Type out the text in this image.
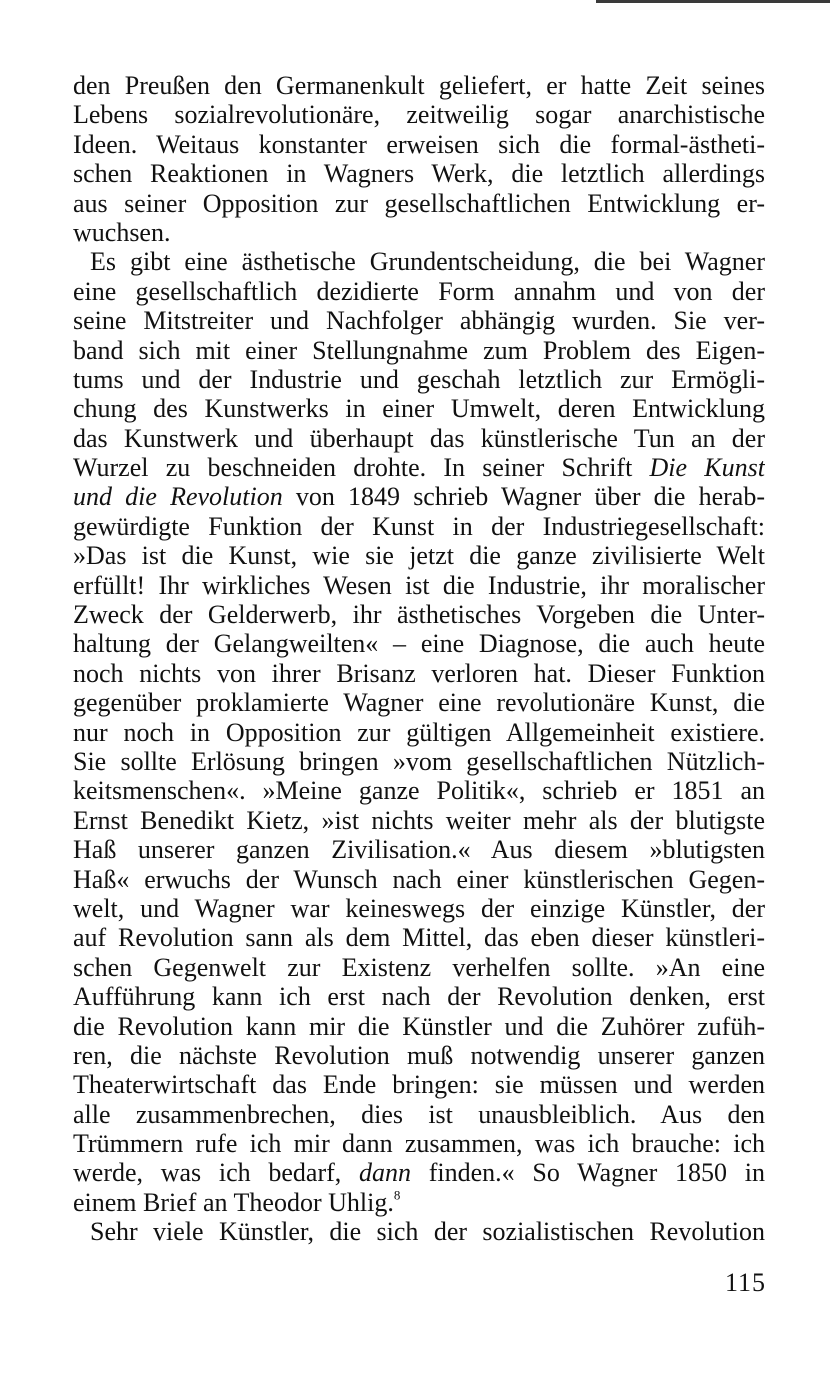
den Preußen den Germanenkult geliefert, er hatte Zeit seines
Lebens sozialrevolutionäre, zeitweilig sogar anarchistische
Ideen. Weitaus konstanter erweisen sich die formal-ästheti-
schen Reaktionen in Wagners Werk, die letztlich allerdings
aus seiner Opposition zur gesellschaftlichen Entwicklung er-
wuchsen.
Es gibt eine ästhetische Grundentscheidung, die bei Wagner
eine gesellschaftlich dezidierte Form annahm und von der
seine Mitstreiter und Nachfolger abhängig wurden. Sie ver-
band sich mit einer Stellungnahme zum Problem des Eigen-
tums und der Industrie und geschah letztlich zur Ermögli-
chung des Kunstwerks in einer Umwelt, deren Entwicklung
das Kunstwerk und überhaupt das künstlerische Tun an der
Wurzel zu beschneiden drohte. In seiner Schrift Die Kunst
und die Revolution von 1849 schrieb Wagner über die herab-
gewürdigte Funktion der Kunst in der Industriegesellschaft:
»Das ist die Kunst, wie sie jetzt die ganze zivilisierte Welt
erfüllt! Ihr wirkliches Wesen ist die Industrie, ihr moralischer
Zweck der Gelderwerb, ihr ästhetisches Vorgeben die Unter-
haltung der Gelangweilten« – eine Diagnose, die auch heute
noch nichts von ihrer Brisanz verloren hat. Dieser Funktion
gegenüber proklamierte Wagner eine revolutionäre Kunst, die
nur noch in Opposition zur gültigen Allgemeinheit existiere.
Sie sollte Erlösung bringen »vom gesellschaftlichen Nützlich-
keitsmenschen«. »Meine ganze Politik«, schrieb er 1851 an
Ernst Benedikt Kietz, »ist nichts weiter mehr als der blutigste
Haß unserer ganzen Zivilisation.« Aus diesem »blutigsten
Haß« erwuchs der Wunsch nach einer künstlerischen Gegen-
welt, und Wagner war keineswegs der einzige Künstler, der
auf Revolution sann als dem Mittel, das eben dieser künstleri-
schen Gegenwelt zur Existenz verhelfen sollte. »An eine
Aufführung kann ich erst nach der Revolution denken, erst
die Revolution kann mir die Künstler und die Zuhörer zufüh-
ren, die nächste Revolution muß notwendig unserer ganzen
Theaterwirtschaft das Ende bringen: sie müssen und werden
alle zusammenbrechen, dies ist unausbleiblich. Aus den
Trümmern rufe ich mir dann zusammen, was ich brauche: ich
werde, was ich bedarf, dann finden.« So Wagner 1850 in
einem Brief an Theodor Uhlig.$^8$
Sehr viele Künstler, die sich der sozialistischen Revolution
115
